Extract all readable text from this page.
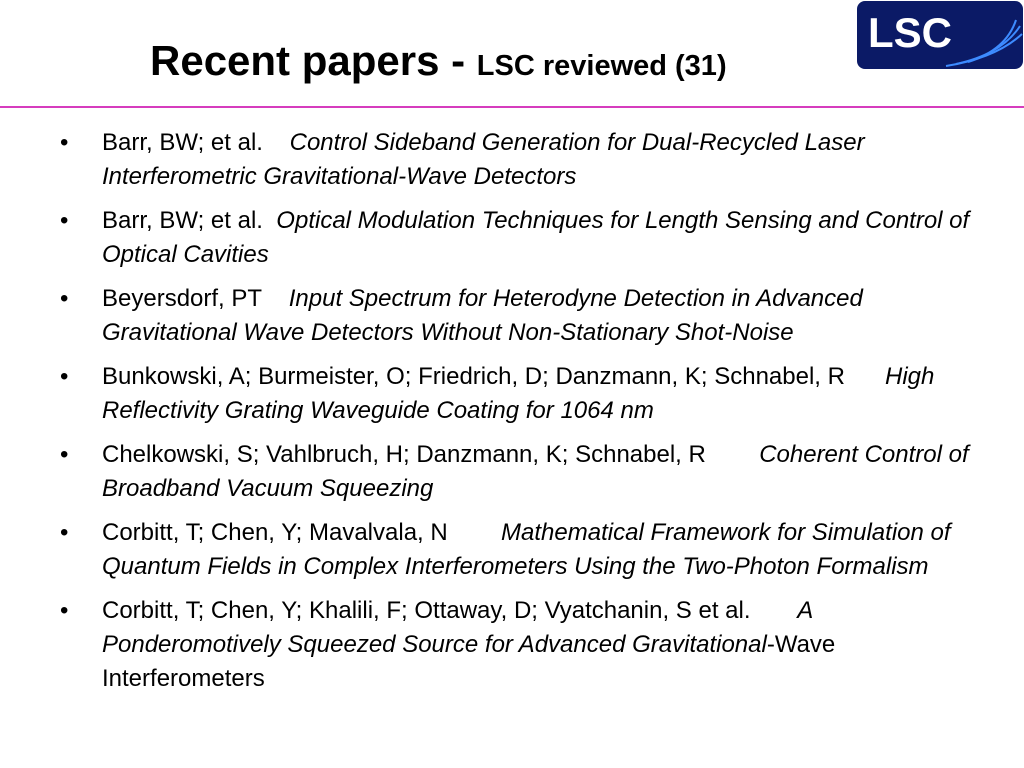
Recent papers - LSC reviewed (31)
LSC
• Barr, BW; et al. Control Sideband Generation for Dual-Recycled Laser Interferometric Gravitational-Wave Detectors
• Barr, BW; et al. Optical Modulation Techniques for Length Sensing and Control of Optical Cavities
• Beyersdorf, PT Input Spectrum for Heterodyne Detection in Advanced Gravitational Wave Detectors Without Non-Stationary Shot-Noise
• Bunkowski, A; Burmeister, O; Friedrich, D; Danzmann, K; Schnabel, R High Reflectivity Grating Waveguide Coating for 1064 nm
• Chelkowski, S; Vahlbruch, H; Danzmann, K; Schnabel, R Coherent Control of Broadband Vacuum Squeezing
• Corbitt, T; Chen, Y; Mavalvala, N Mathematical Framework for Simulation of Quantum Fields in Complex Interferometers Using the Two-Photon Formalism
• Corbitt, T; Chen, Y; Khalili, F; Ottaway, D; Vyatchanin, S et al. A Ponderomotively Squeezed Source for Advanced Gravitational-Wave Interferometers
